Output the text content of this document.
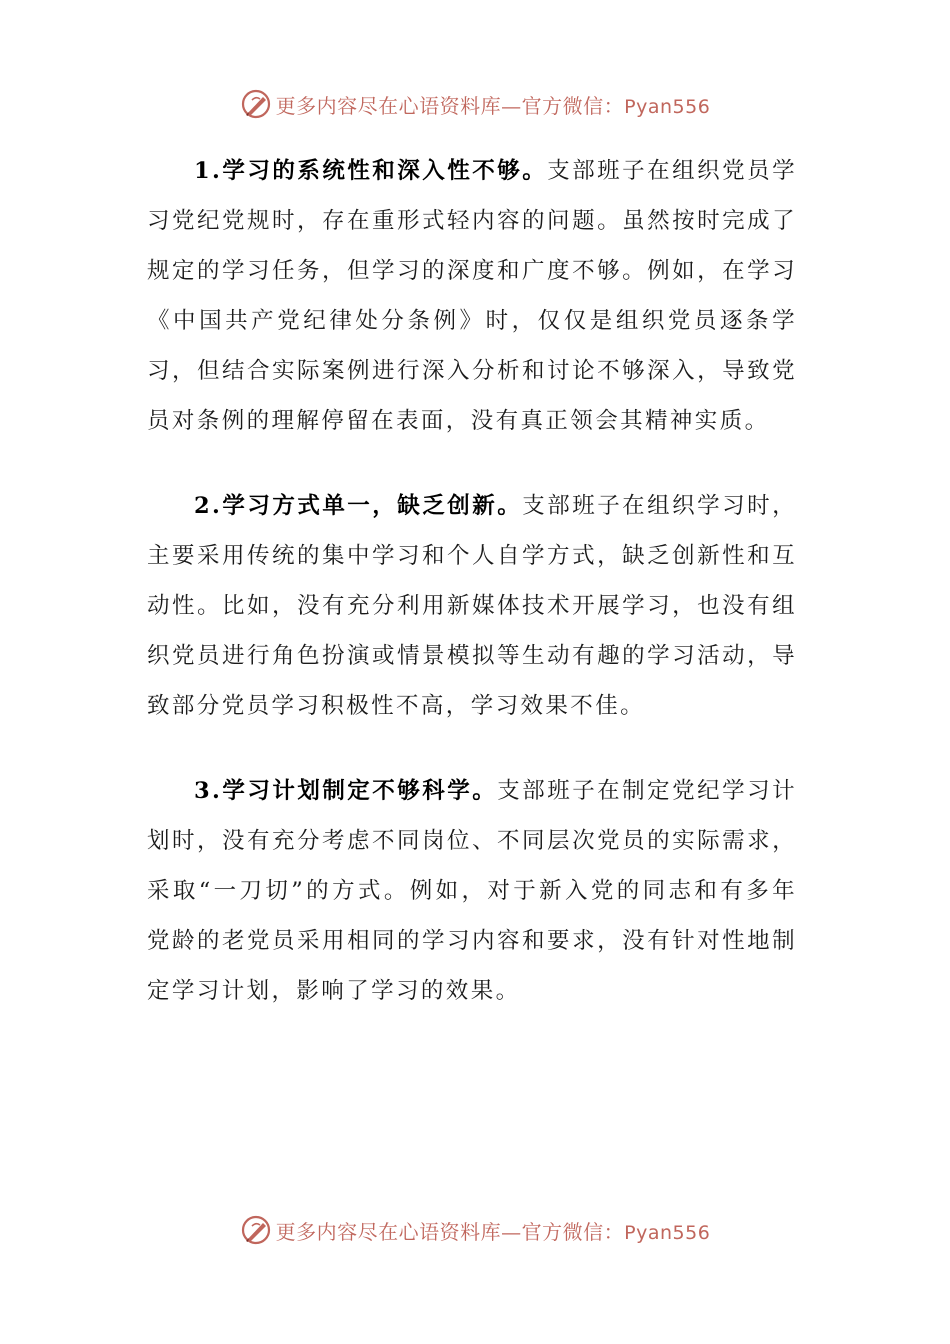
更多内容尽在心语资料库—官方微信：Pyan556

1.学习的系统性和深入性不够。支部班子在组织党员学习党纪党规时，存在重形式轻内容的问题。虽然按时完成了规定的学习任务，但学习的深度和广度不够。例如，在学习《中国共产党纪律处分条例》时，仅仅是组织党员逐条学习，但结合实际案例进行深入分析和讨论不够深入，导致党员对条例的理解停留在表面，没有真正领会其精神实质。

2.学习方式单一，缺乏创新。支部班子在组织学习时，主要采用传统的集中学习和个人自学方式，缺乏创新性和互动性。比如，没有充分利用新媒体技术开展学习，也没有组织党员进行角色扮演或情景模拟等生动有趣的学习活动，导致部分党员学习积极性不高，学习效果不佳。

3.学习计划制定不够科学。支部班子在制定党纪学习计划时，没有充分考虑不同岗位、不同层次党员的实际需求，采取“一刀切”的方式。例如，对于新入党的同志和有多年党龄的老党员采用相同的学习内容和要求，没有针对性地制定学习计划，影响了学习的效果。

更多内容尽在心语资料库—官方微信：Pyan556
